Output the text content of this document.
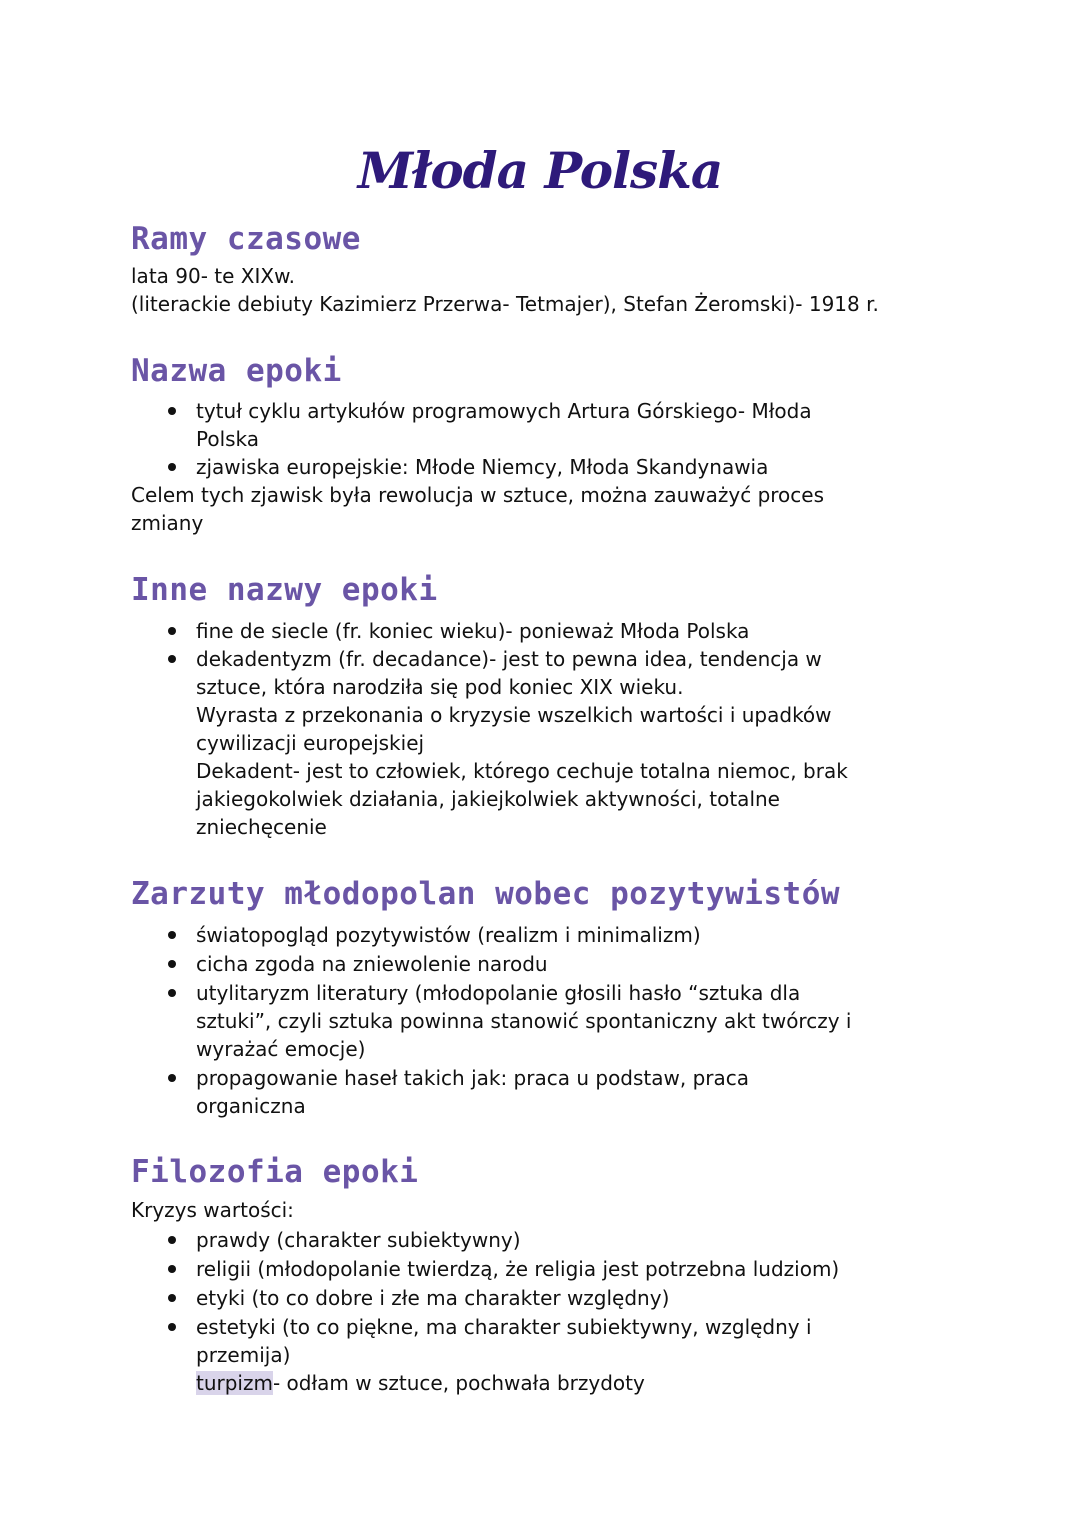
Młoda Polska
Ramy czasowe
lata 90- te XIXw.
(literackie debiuty Kazimierz Przerwa- Tetmajer), Stefan Żeromski)- 1918 r.
Nazwa epoki
tytuł cyklu artykułów programowych Artura Górskiego- Młoda
Polska
zjawiska europejskie: Młode Niemcy, Młoda Skandynawia
Celem tych zjawisk była rewolucja w sztuce, można zauważyć proces
zmiany
Inne nazwy epoki
fine de siecle (fr. koniec wieku)- ponieważ Młoda Polska
dekadentyzm (fr. decadance)- jest to pewna idea, tendencja w
sztuce, która narodziła się pod koniec XIX wieku.
Wyrasta z przekonania o kryzysie wszelkich wartości i upadków
cywilizacji europejskiej
Dekadent- jest to człowiek, którego cechuje totalna niemoc, brak
jakiegokolwiek działania, jakiejkolwiek aktywności, totalne
zniechęcenie
Zarzuty młodopolan wobec pozytywistów
światopogląd pozytywistów (realizm i minimalizm)
cicha zgoda na zniewolenie narodu
utylitaryzm literatury (młodopolanie głosili hasło “sztuka dla
sztuki”, czyli sztuka powinna stanowić spontaniczny akt twórczy i
wyrażać emocje)
propagowanie haseł takich jak: praca u podstaw, praca
organiczna
Filozofia epoki
Kryzys wartości:
prawdy (charakter subiektywny)
religii (młodopolanie twierdzą, że religia jest potrzebna ludziom)
etyki (to co dobre i złe ma charakter względny)
estetyki (to co piękne, ma charakter subiektywny, względny i
przemija)
turpizm- odłam w sztuce, pochwała brzydoty
